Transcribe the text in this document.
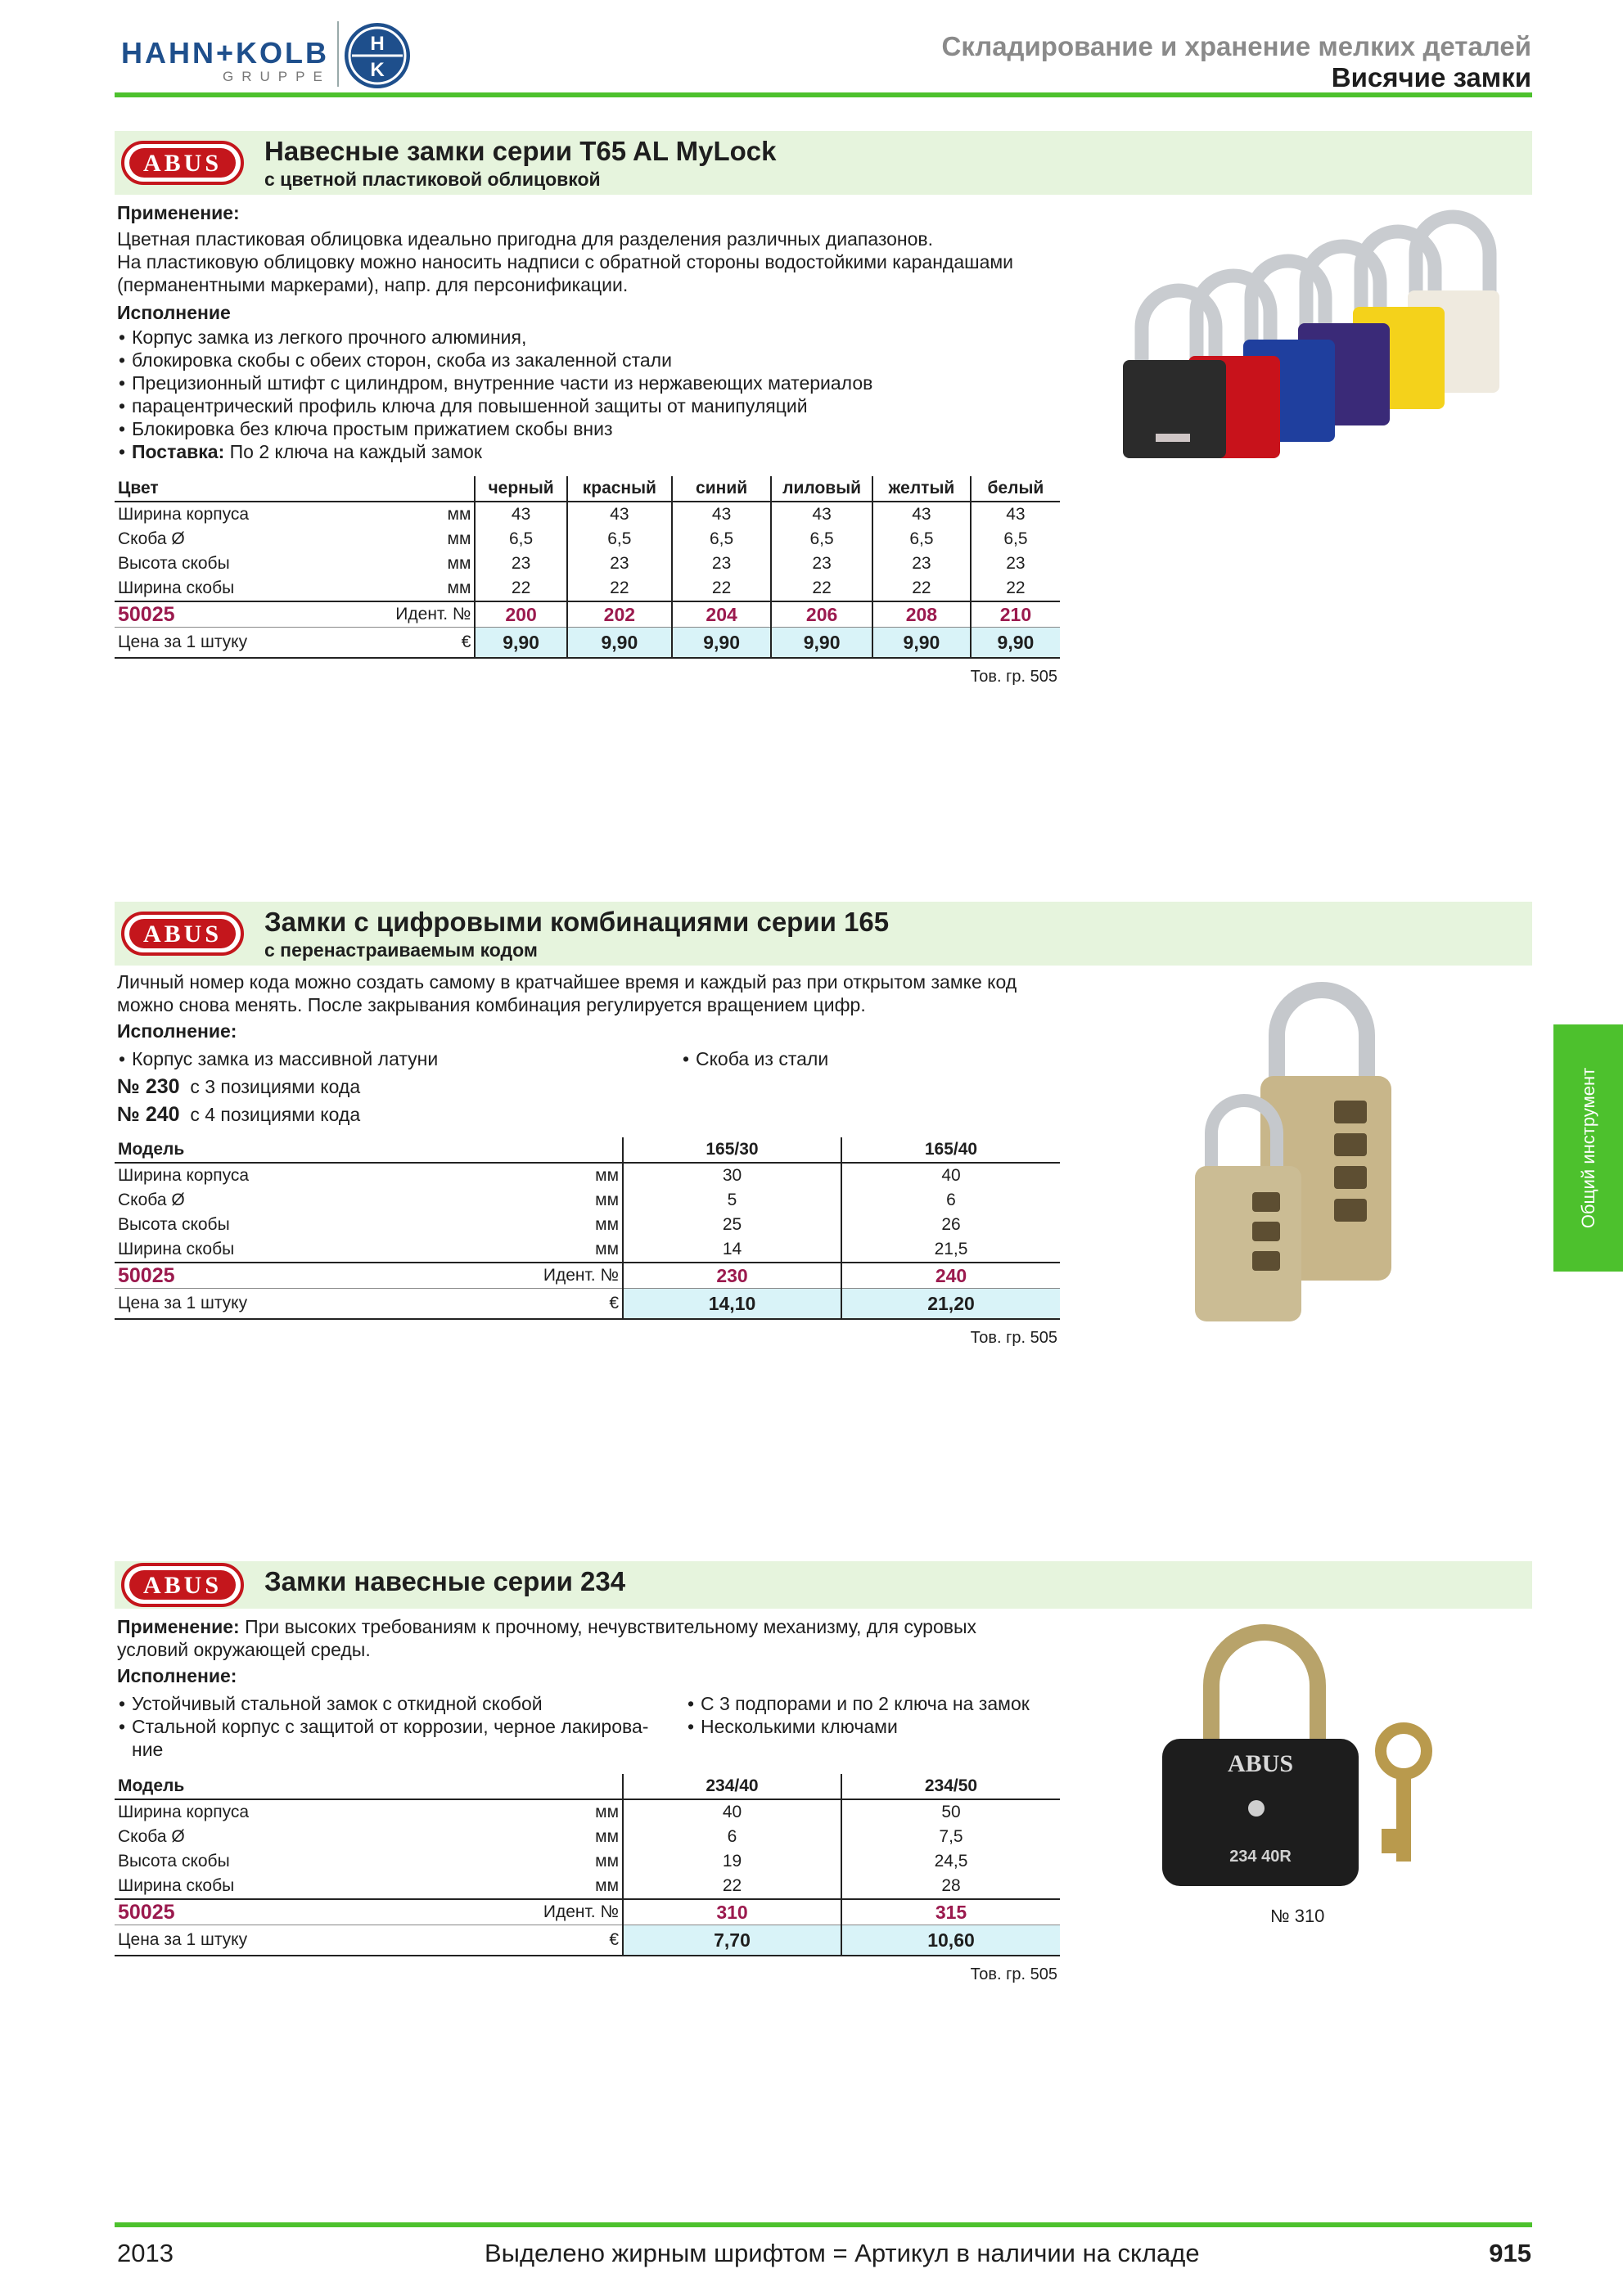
HAHN+KOLB
GRUPPE
H
K
Складирование и хранение мелких деталей
Висячие замки
Общий инструмент
ABUS Навесные замки серии T65 AL MyLock
с цветной пластиковой облицовкой
Применение:
Цветная пластиковая облицовка идеально пригодна для разделения различных диапазонов.
На пластиковую облицовку можно наносить надписи с обратной стороны водостойкими карандашами
(перманентными маркерами), напр. для персонификации.
Исполнение
• Корпус замка из легкого прочного алюминия,
• блокировка скобы с обеих сторон, скоба из закаленной стали
• Прецизионный штифт с цилиндром, внутренние части из нержавеющих материалов
• парацентрический профиль ключа для повышенной защиты от манипуляций
• Блокировка без ключа простым прижатием скобы вниз
• Поставка: По 2 ключа на каждый замок
Цвет		черный	красный	синий	лиловый	желтый	белый
Ширина корпуса	мм	43	43	43	43	43	43
Скоба Ø	мм	6,5	6,5	6,5	6,5	6,5	6,5
Высота скобы	мм	23	23	23	23	23	23
Ширина скобы	мм	22	22	22	22	22	22
50025	Идент. №	200	202	204	206	208	210
Цена за 1 штуку	€	9,90	9,90	9,90	9,90	9,90	9,90
Тов. гр. 505
ABUS Замки с цифровыми комбинациями серии 165
с перенастраиваемым кодом
Личный номер кода можно создать самому в кратчайшее время и каждый раз при открытом замке код
можно снова менять. После закрывания комбинация регулируется вращением цифр.
Исполнение:
• Корпус замка из массивной латуни	• Скоба из стали
№ 230 с 3 позициями кода
№ 240 с 4 позициями кода
Модель		165/30	165/40
Ширина корпуса	мм	30	40
Скоба Ø	мм	5	6
Высота скобы	мм	25	26
Ширина скобы	мм	14	21,5
50025	Идент. №	230	240
Цена за 1 штуку	€	14,10	21,20
Тов. гр. 505
ABUS Замки навесные серии 234
Применение: При высоких требованиям к прочному, нечувствительному механизму, для суровых
условий окружающей среды.
Исполнение:
• Устойчивый стальной замок с откидной скобой
• Стальной корпус с защитой от коррозии, черное лакирова-
ние
• С 3 подпорами и по 2 ключа на замок
• Несколькими ключами
ABUS
234 40R
№ 310
Модель		234/40	234/50
Ширина корпуса	мм	40	50
Скоба Ø	мм	6	7,5
Высота скобы	мм	19	24,5
Ширина скобы	мм	22	28
50025	Идент. №	310	315
Цена за 1 штуку	€	7,70	10,60
Тов. гр. 505
2013	Выделено жирным шрифтом = Артикул в наличии на складе	915
